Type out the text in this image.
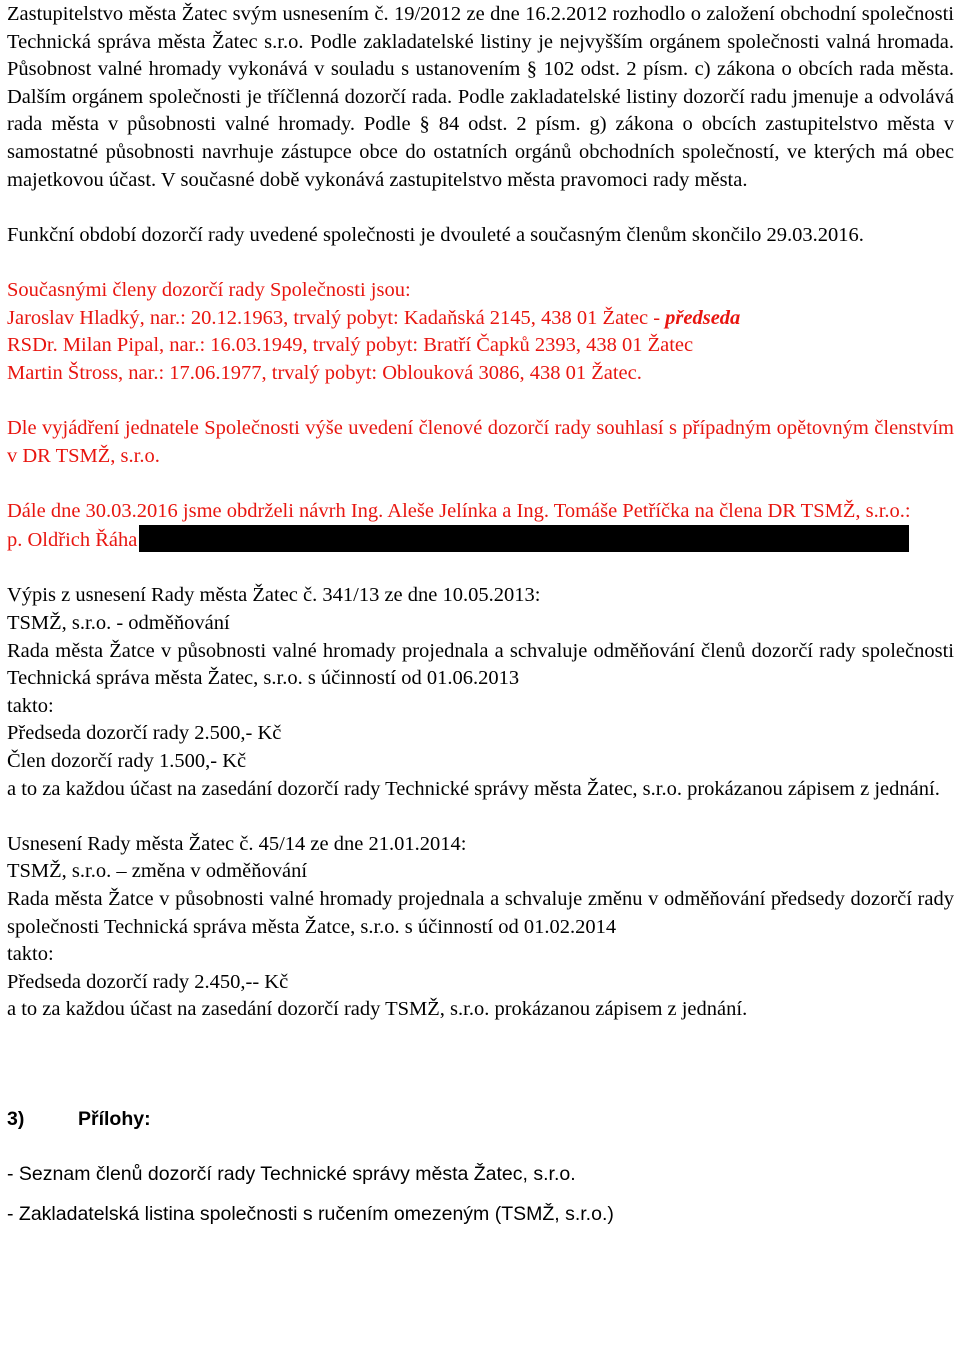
Zastupitelstvo města Žatec svým usnesením č. 19/2012 ze dne 16.2.2012 rozhodlo o založení obchodní společnosti Technická správa města Žatec s.r.o. Podle zakladatelské listiny je nejvyšším orgánem společnosti valná hromada. Působnost valné hromady vykonává v souladu s ustanovením § 102 odst. 2 písm. c) zákona o obcích rada města. Dalším orgánem společnosti je tříčlenná dozorčí rada. Podle zakladatelské listiny dozorčí radu jmenuje a odvolává rada města v působnosti valné hromady. Podle § 84 odst. 2 písm. g) zákona o obcích zastupitelstvo města v samostatné působnosti navrhuje zástupce obce do ostatních orgánů obchodních společností, ve kterých má obec majetkovou účast. V současné době vykonává zastupitelstvo města pravomoci rady města.

Funkční období dozorčí rady uvedené společnosti je dvouleté a současným členům skončilo 29.03.2016.

Současnými členy dozorčí rady Společnosti jsou:

Jaroslav Hladký, nar.: 20.12.1963, trvalý pobyt: Kadaňská 2145, 438 01 Žatec - předseda

RSDr. Milan Pipal, nar.: 16.03.1949, trvalý pobyt: Bratří Čapků 2393, 438 01 Žatec

Martin Štross, nar.: 17.06.1977, trvalý pobyt: Oblouková 3086, 438 01 Žatec.

Dle vyjádření jednatele Společnosti výše uvedení členové dozorčí rady souhlasí s případným opětovným členstvím v DR TSMŽ, s.r.o.

Dále dne 30.03.2016 jsme obdrželi návrh Ing. Aleše Jelínka a Ing. Tomáše Petříčka na člena DR TSMŽ, s.r.o.:

p. Oldřich Řáha

Výpis z usnesení Rady města Žatec č. 341/13 ze dne 10.05.2013:

TSMŽ, s.r.o. - odměňování

Rada města Žatce v působnosti valné hromady projednala a schvaluje odměňování členů dozorčí rady společnosti Technická správa města Žatec, s.r.o. s účinností od 01.06.2013

takto:

Předseda dozorčí rady 2.500,- Kč

Člen dozorčí rady 1.500,- Kč

a to za každou účast na zasedání dozorčí rady Technické správy města Žatec, s.r.o. prokázanou zápisem z jednání.

Usnesení Rady města Žatec č. 45/14 ze dne 21.01.2014:

TSMŽ, s.r.o. – změna v odměňování

Rada města Žatce v působnosti valné hromady projednala a schvaluje změnu v odměňování předsedy dozorčí rady společnosti Technická správa města Žatce, s.r.o. s účinností od 01.02.2014

takto:

Předseda dozorčí rady 2.450,-- Kč

a to za každou účast na zasedání dozorčí rady TSMŽ, s.r.o. prokázanou zápisem z jednání.

3)	Přílohy:

- Seznam členů dozorčí rady Technické správy města Žatec, s.r.o.

- Zakladatelská listina společnosti s ručením omezeným (TSMŽ, s.r.o.)
